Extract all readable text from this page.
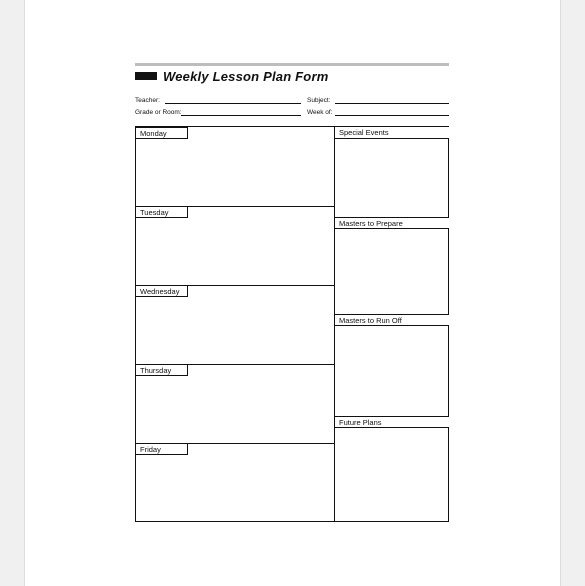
Weekly Lesson Plan Form
Teacher:	Subject:
Grade or Room:	Week of:
Monday
Tuesday
Wednesday
Thursday
Friday
Special Events
Masters to Prepare
Masters to Run Off
Future Plans
